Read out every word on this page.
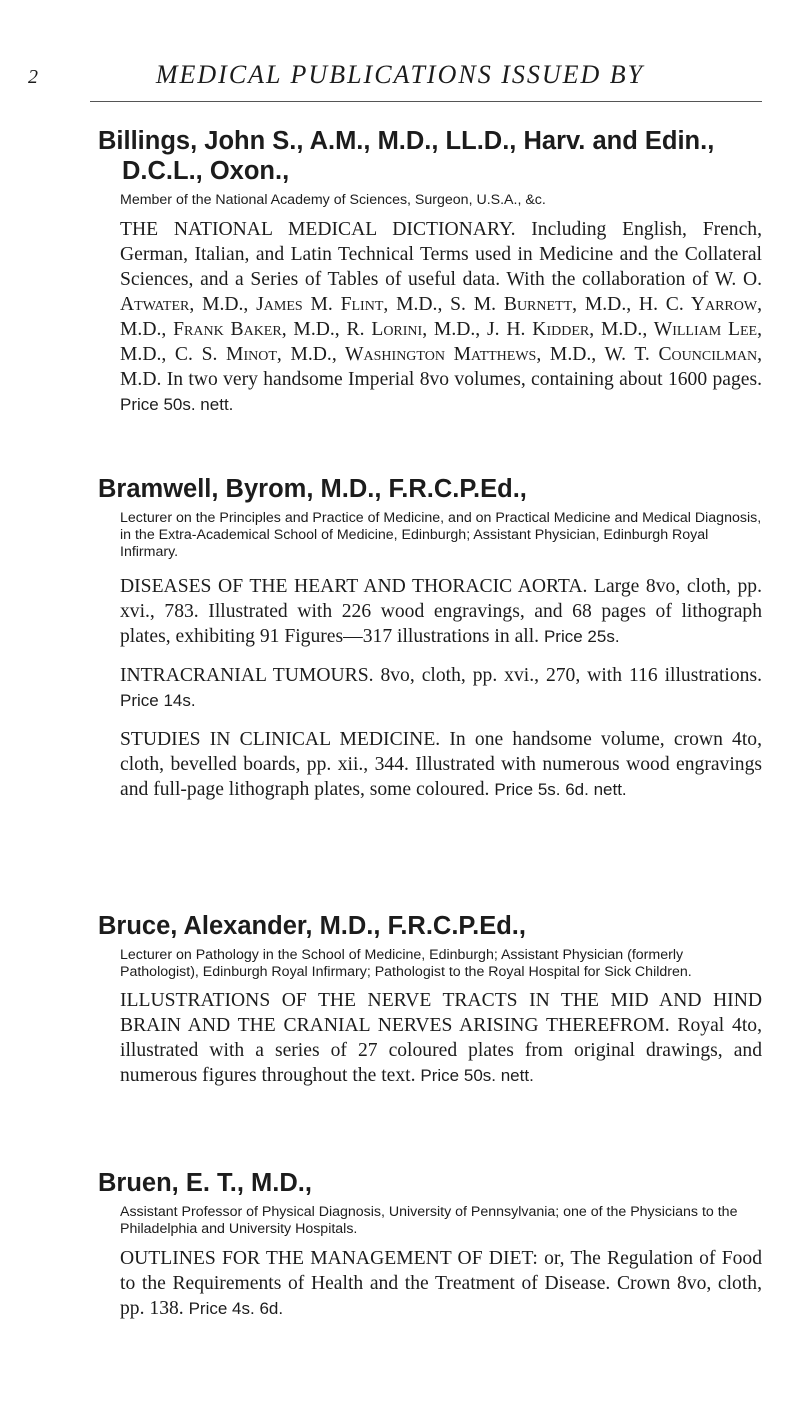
2	MEDICAL PUBLICATIONS ISSUED BY

Billings, John S., A.M., M.D., LL.D., Harv. and Edin., D.C.L., Oxon.,

Member of the National Academy of Sciences, Surgeon, U.S.A., &c.

THE NATIONAL MEDICAL DICTIONARY. Including English, French, German, Italian, and Latin Technical Terms used in Medicine and the Collateral Sciences, and a Series of Tables of useful data. With the collaboration of W. O. Atwater, M.D., James M. Flint, M.D., S. M. Burnett, M.D., H. C. Yarrow, M.D., Frank Baker, M.D., R. Lorini, M.D., J. H. Kidder, M.D., William Lee, M.D., C. S. Minot, M.D., Washington Matthews, M.D., W. T. Councilman, M.D. In two very handsome Imperial 8vo volumes, containing about 1600 pages. Price 50s. nett.

Bramwell, Byrom, M.D., F.R.C.P.Ed.,

Lecturer on the Principles and Practice of Medicine, and on Practical Medicine and Medical Diagnosis, in the Extra-Academical School of Medicine, Edinburgh; Assistant Physician, Edinburgh Royal Infirmary.

DISEASES OF THE HEART AND THORACIC AORTA. Large 8vo, cloth, pp. xvi., 783. Illustrated with 226 wood engravings, and 68 pages of lithograph plates, exhibiting 91 Figures—317 illustrations in all. Price 25s.

INTRACRANIAL TUMOURS. 8vo, cloth, pp. xvi., 270, with 116 illustrations. Price 14s.

STUDIES IN CLINICAL MEDICINE. In one handsome volume, crown 4to, cloth, bevelled boards, pp. xii., 344. Illustrated with numerous wood engravings and full-page lithograph plates, some coloured. Price 5s. 6d. nett.

Bruce, Alexander, M.D., F.R.C.P.Ed.,

Lecturer on Pathology in the School of Medicine, Edinburgh; Assistant Physician (formerly Pathologist), Edinburgh Royal Infirmary; Pathologist to the Royal Hospital for Sick Children.

ILLUSTRATIONS OF THE NERVE TRACTS IN THE MID AND HIND BRAIN AND THE CRANIAL NERVES ARISING THEREFROM. Royal 4to, illustrated with a series of 27 coloured plates from original drawings, and numerous figures throughout the text. Price 50s. nett.

Bruen, E. T., M.D.,

Assistant Professor of Physical Diagnosis, University of Pennsylvania; one of the Physicians to the Philadelphia and University Hospitals.

OUTLINES FOR THE MANAGEMENT OF DIET: or, The Regulation of Food to the Requirements of Health and the Treatment of Disease. Crown 8vo, cloth, pp. 138. Price 4s. 6d.
